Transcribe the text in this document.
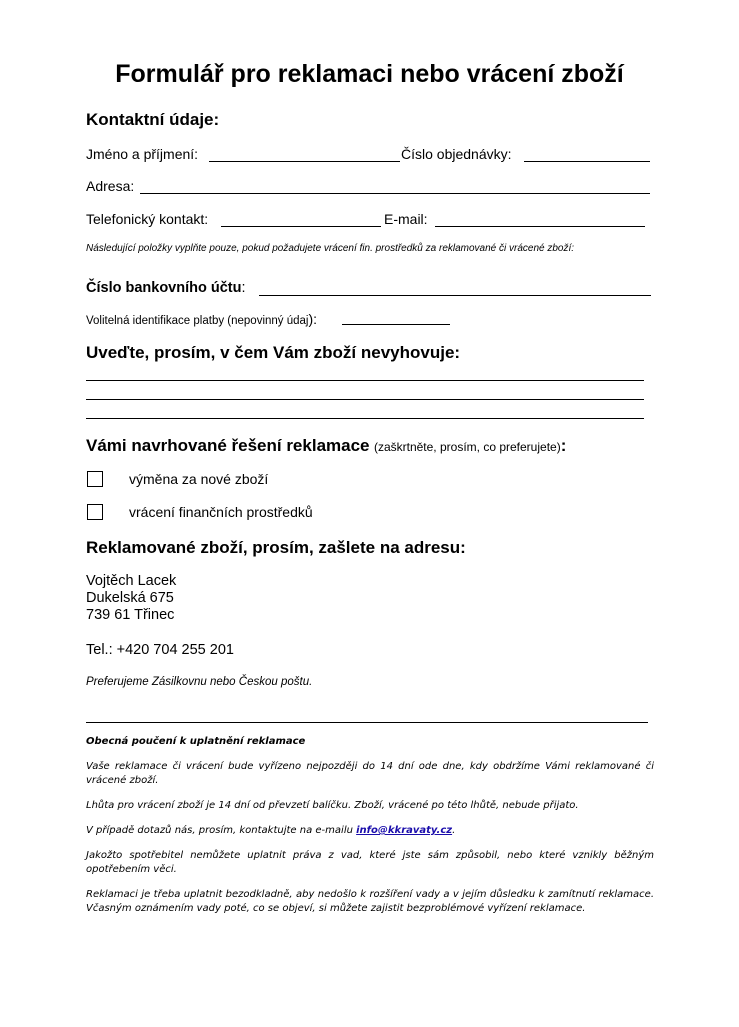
Formulář pro reklamaci nebo vrácení zboží
Kontaktní údaje:
Jméno a příjmení:	Číslo objednávky:
Adresa:
Telefonický kontakt:	E-mail:
Následující položky vyplňte pouze, pokud požadujete vrácení fin. prostředků za reklamované či vrácené zboží:
Číslo bankovního účtu:
Volitelná identifikace platby (nepovinný údaj):
Uveďte, prosím, v čem Vám zboží nevyhovuje:
Vámi navrhované řešení reklamace (zaškrtněte, prosím, co preferujete):
výměna za nové zboží
vrácení finančních prostředků
Reklamované zboží, prosím, zašlete na adresu:
Vojtěch Lacek
Dukelská 675
739 61 Třinec
Tel.: +420 704 255 201
Preferujeme Zásilkovnu nebo Českou poštu.

Obecná poučení k uplatnění reklamace

Vaše reklamace či vrácení bude vyřízeno nejpozději do 14 dní ode dne, kdy obdržíme Vámi reklamované či vrácené zboží.

Lhůta pro vrácení zboží je 14 dní od převzetí balíčku. Zboží, vrácené po této lhůtě, nebude přijato.

V případě dotazů nás, prosím, kontaktujte na e-mailu info@kkravaty.cz.

Jakožto spotřebitel nemůžete uplatnit práva z vad, které jste sám způsobil, nebo které vznikly běžným opotřebením věci.

Reklamaci je třeba uplatnit bezodkladně, aby nedošlo k rozšíření vady a v jejím důsledku k zamítnutí reklamace. Včasným oznámením vady poté, co se objeví, si můžete zajistit bezproblémové vyřízení reklamace.
